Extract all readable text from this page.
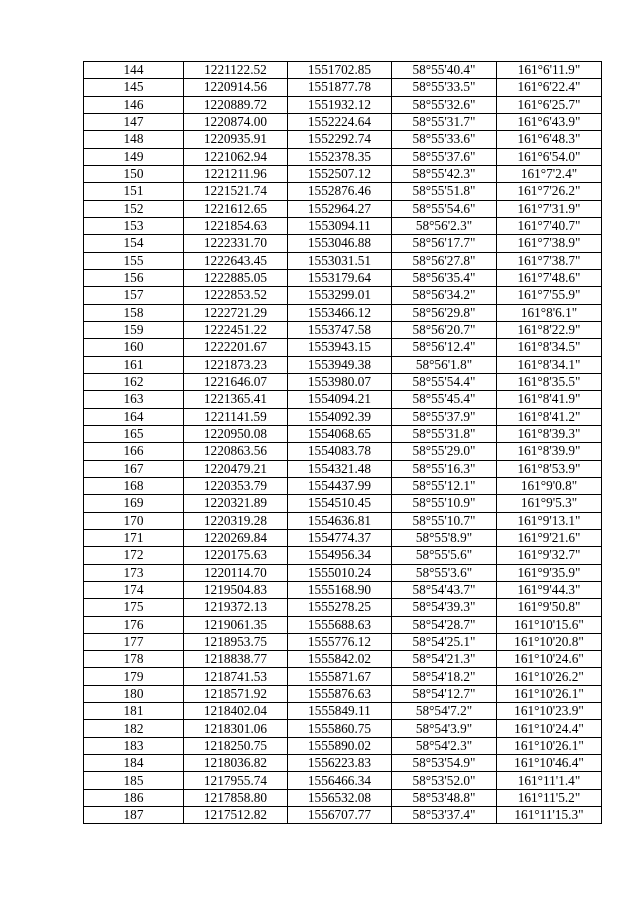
144	1221122.52	1551702.85	58°55'40.4"	161°6'11.9"
145	1220914.56	1551877.78	58°55'33.5"	161°6'22.4"
146	1220889.72	1551932.12	58°55'32.6"	161°6'25.7"
147	1220874.00	1552224.64	58°55'31.7"	161°6'43.9"
148	1220935.91	1552292.74	58°55'33.6"	161°6'48.3"
149	1221062.94	1552378.35	58°55'37.6"	161°6'54.0"
150	1221211.96	1552507.12	58°55'42.3"	161°7'2.4"
151	1221521.74	1552876.46	58°55'51.8"	161°7'26.2"
152	1221612.65	1552964.27	58°55'54.6"	161°7'31.9"
153	1221854.63	1553094.11	58°56'2.3"	161°7'40.7"
154	1222331.70	1553046.88	58°56'17.7"	161°7'38.9"
155	1222643.45	1553031.51	58°56'27.8"	161°7'38.7"
156	1222885.05	1553179.64	58°56'35.4"	161°7'48.6"
157	1222853.52	1553299.01	58°56'34.2"	161°7'55.9"
158	1222721.29	1553466.12	58°56'29.8"	161°8'6.1"
159	1222451.22	1553747.58	58°56'20.7"	161°8'22.9"
160	1222201.67	1553943.15	58°56'12.4"	161°8'34.5"
161	1221873.23	1553949.38	58°56'1.8"	161°8'34.1"
162	1221646.07	1553980.07	58°55'54.4"	161°8'35.5"
163	1221365.41	1554094.21	58°55'45.4"	161°8'41.9"
164	1221141.59	1554092.39	58°55'37.9"	161°8'41.2"
165	1220950.08	1554068.65	58°55'31.8"	161°8'39.3"
166	1220863.56	1554083.78	58°55'29.0"	161°8'39.9"
167	1220479.21	1554321.48	58°55'16.3"	161°8'53.9"
168	1220353.79	1554437.99	58°55'12.1"	161°9'0.8"
169	1220321.89	1554510.45	58°55'10.9"	161°9'5.3"
170	1220319.28	1554636.81	58°55'10.7"	161°9'13.1"
171	1220269.84	1554774.37	58°55'8.9"	161°9'21.6"
172	1220175.63	1554956.34	58°55'5.6"	161°9'32.7"
173	1220114.70	1555010.24	58°55'3.6"	161°9'35.9"
174	1219504.83	1555168.90	58°54'43.7"	161°9'44.3"
175	1219372.13	1555278.25	58°54'39.3"	161°9'50.8"
176	1219061.35	1555688.63	58°54'28.7"	161°10'15.6"
177	1218953.75	1555776.12	58°54'25.1"	161°10'20.8"
178	1218838.77	1555842.02	58°54'21.3"	161°10'24.6"
179	1218741.53	1555871.67	58°54'18.2"	161°10'26.2"
180	1218571.92	1555876.63	58°54'12.7"	161°10'26.1"
181	1218402.04	1555849.11	58°54'7.2"	161°10'23.9"
182	1218301.06	1555860.75	58°54'3.9"	161°10'24.4"
183	1218250.75	1555890.02	58°54'2.3"	161°10'26.1"
184	1218036.82	1556223.83	58°53'54.9"	161°10'46.4"
185	1217955.74	1556466.34	58°53'52.0"	161°11'1.4"
186	1217858.80	1556532.08	58°53'48.8"	161°11'5.2"
187	1217512.82	1556707.77	58°53'37.4"	161°11'15.3"
